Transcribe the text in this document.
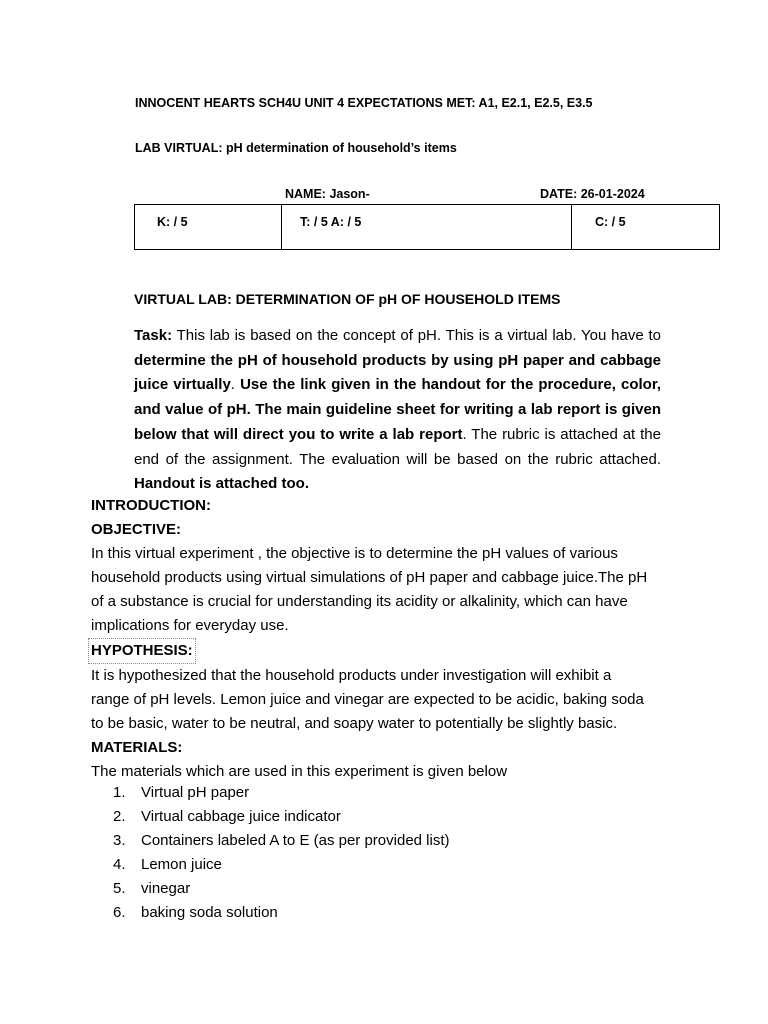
INNOCENT HEARTS SCH4U UNIT 4 EXPECTATIONS MET: A1, E2.1, E2.5, E3.5
LAB VIRTUAL: pH determination of household’s items
NAME: Jason-	DATE: 26-01-2024
K: / 5	T: / 5 A: / 5	C: / 5
VIRTUAL LAB: DETERMINATION OF pH OF HOUSEHOLD ITEMS
Task: This lab is based on the concept of pH. This is a virtual lab. You have to determine the pH of household products by using pH paper and cabbage juice virtually. Use the link given in the handout for the procedure, color, and value of pH. The main guideline sheet for writing a lab report is given below that will direct you to write a lab report. The rubric is attached at the end of the assignment. The evaluation will be based on the rubric attached. Handout is attached too.
INTRODUCTION:
OBJECTIVE:
In this virtual experiment , the objective is to determine the pH values of various
household products using virtual simulations of pH paper and cabbage juice.The pH
of a substance is crucial for understanding its acidity or alkalinity, which can have
implications for everyday use.
HYPOTHESIS:
It is hypothesized that the household products under investigation will exhibit a
range of pH levels. Lemon juice and vinegar are expected to be acidic, baking soda
to be basic, water to be neutral, and soapy water to potentially be slightly basic.
MATERIALS:
The materials which are used in this experiment is given below
1.	Virtual pH paper
2.	Virtual cabbage juice indicator
3.	Containers labeled A to E (as per provided list)
4.	Lemon juice
5.	vinegar
6.	baking soda solution
